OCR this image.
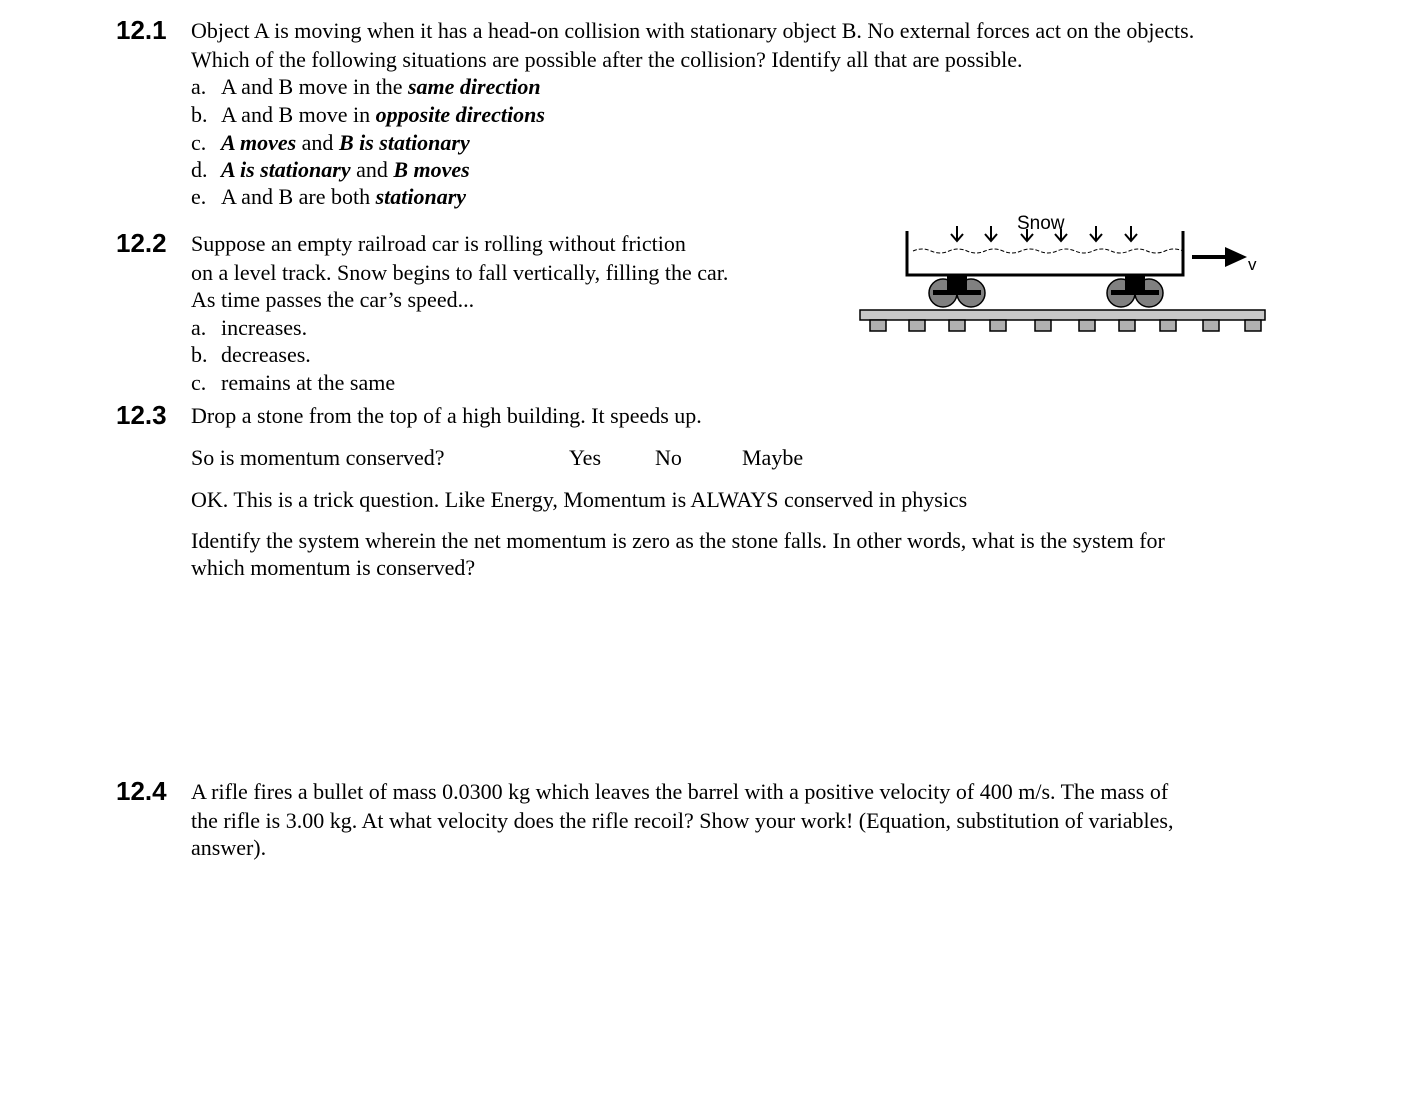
12.1 Object A is moving when it has a head-on collision with stationary object B. No external forces act on the objects.
Which of the following situations are possible after the collision? Identify all that are possible.
a. A and B move in the same direction
b. A and B move in opposite directions
c. A moves and B is stationary
d. A is stationary and B moves
e. A and B are both stationary
12.2 Suppose an empty railroad car is rolling without friction
on a level track. Snow begins to fall vertically, filling the car.
As time passes the car’s speed...
a. increases.
b. decreases.
c. remains at the same
Snow
v
12.3 Drop a stone from the top of a high building. It speeds up.
So is momentum conserved?	Yes No	Maybe
OK. This is a trick question. Like Energy, Momentum is ALWAYS conserved in physics
Identify the system wherein the net momentum is zero as the stone falls. In other words, what is the system for
which momentum is conserved?
12.4 A rifle fires a bullet of mass 0.0300 kg which leaves the barrel with a positive velocity of 400 m/s. The mass of
the rifle is 3.00 kg. At what velocity does the rifle recoil? Show your work! (Equation, substitution of variables,
answer).
